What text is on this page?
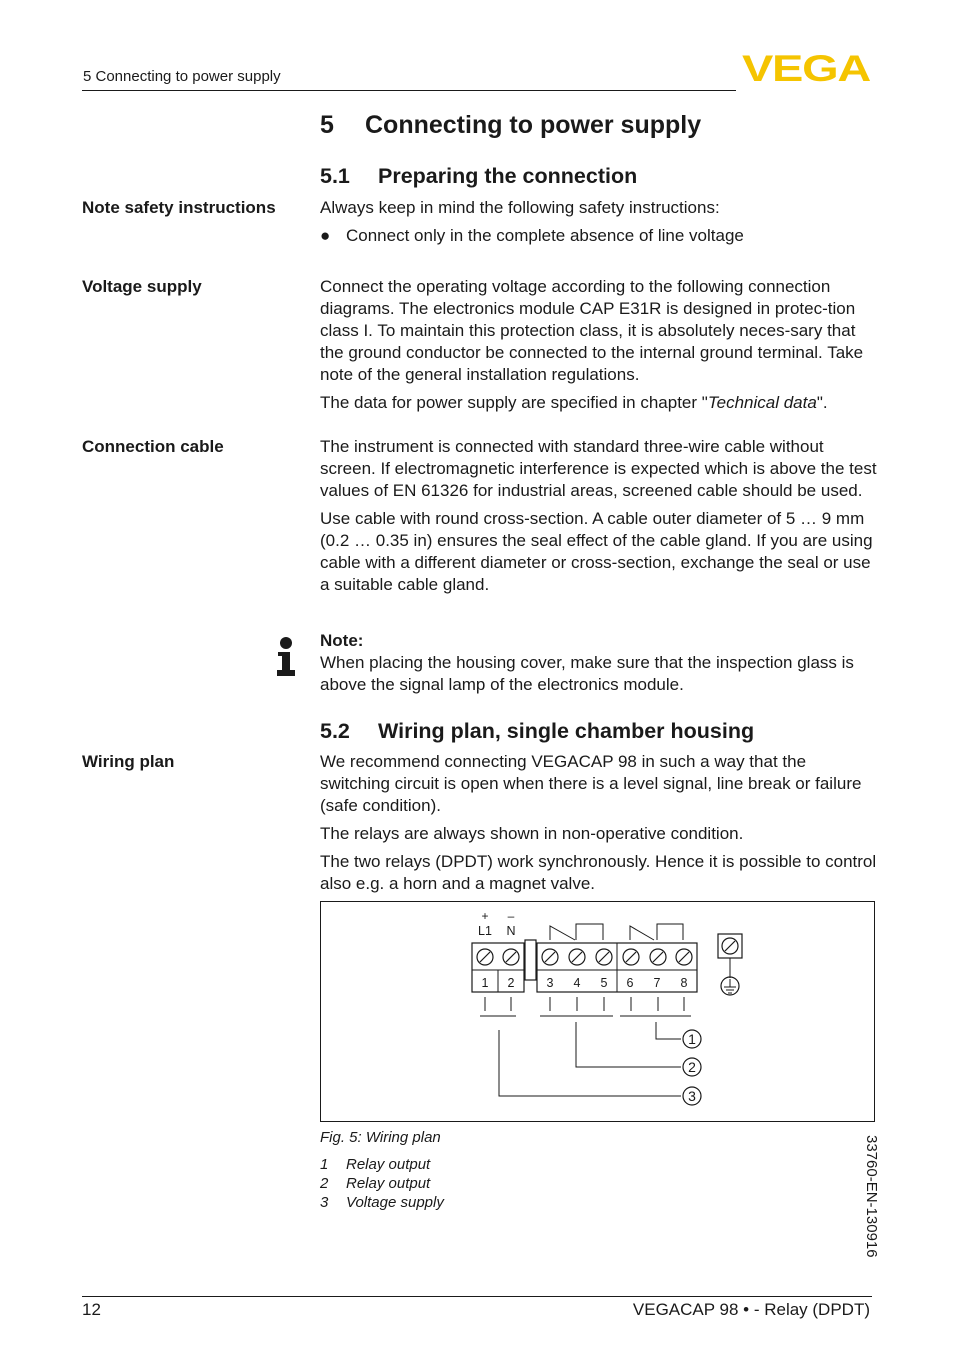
5 Connecting to power supply	VEGA
5 Connecting to power supply
5.1 Preparing the connection
Note safety instructions	Always keep in mind the following safety instructions:
● Connect only in the complete absence of line voltage
Voltage supply	Connect the operating voltage according to the following connection diagrams. The electronics module CAP E31R is designed in protec-tion class I. To maintain this protection class, it is absolutely neces-sary that the ground conductor be connected to the internal ground terminal. Take note of the general installation regulations.

The data for power supply are specified in chapter "Technical data".

Connection cable	The instrument is connected with standard three-wire cable without screen. If electromagnetic interference is expected which is above the test values of EN 61326 for industrial areas, screened cable should be used.

Use cable with round cross-section. A cable outer diameter of 5 … 9 mm (0.2 … 0.35 in) ensures the seal effect of the cable gland. If you are using cable with a different diameter or cross-section, exchange the seal or use a suitable cable gland.

Note:
When placing the housing cover, make sure that the inspection glass is above the signal lamp of the electronics module.
5.2 Wiring plan, single chamber housing
Wiring plan	We recommend connecting VEGACAP 98 in such a way that the switching circuit is open when there is a level signal, line break or failure (safe condition).

The relays are always shown in non-operative condition.

The two relays (DPDT) work synchronously. Hence it is possible to control also e.g. a horn and a magnet valve.

+ –
L1 N
1 2	3 4 5 6 7 8
1
2
3
Fig. 5: Wiring plan
1 Relay output
2 Relay output
3 Voltage supply	33760-EN-130916
12	VEGACAP 98 • - Relay (DPDT)
